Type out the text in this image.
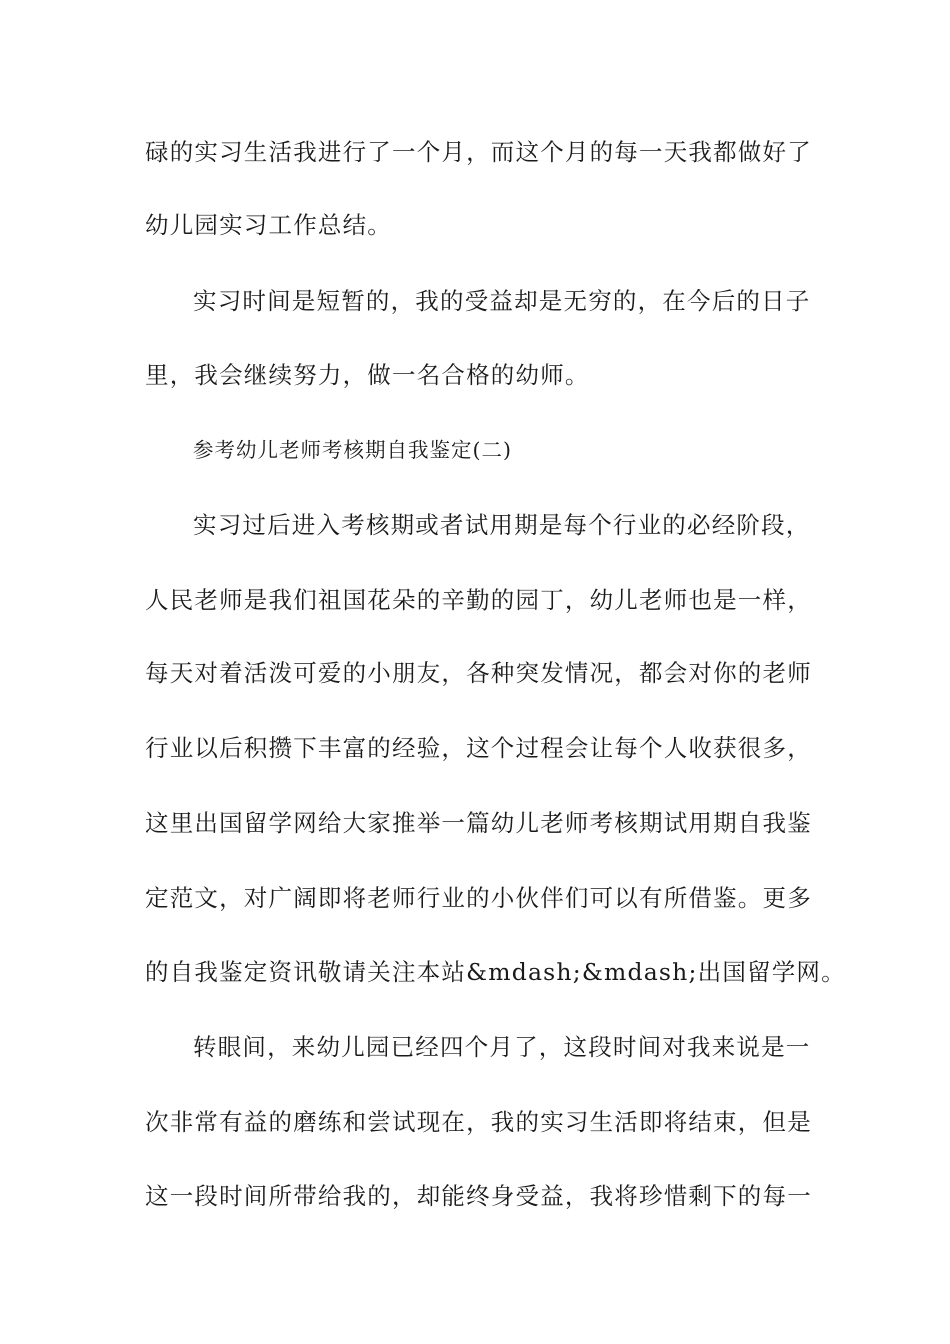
碌的实习生活我进行了一个月，而这个月的每一天我都做好了
幼儿园实习工作总结。
实习时间是短暂的，我的受益却是无穷的，在今后的日子
里，我会继续努力，做一名合格的幼师。
参考幼儿老师考核期自我鉴定(二)
实习过后进入考核期或者试用期是每个行业的必经阶段，
人民老师是我们祖国花朵的辛勤的园丁，幼儿老师也是一样，
每天对着活泼可爱的小朋友，各种突发情况，都会对你的老师
行业以后积攒下丰富的经验，这个过程会让每个人收获很多，
这里出国留学网给大家推举一篇幼儿老师考核期试用期自我鉴
定范文，对广阔即将老师行业的小伙伴们可以有所借鉴。更多
的自我鉴定资讯敬请关注本站&mdash;&mdash;出国留学网。
转眼间，来幼儿园已经四个月了，这段时间对我来说是一
次非常有益的磨练和尝试现在，我的实习生活即将结束，但是
这一段时间所带给我的，却能终身受益，我将珍惜剩下的每一
